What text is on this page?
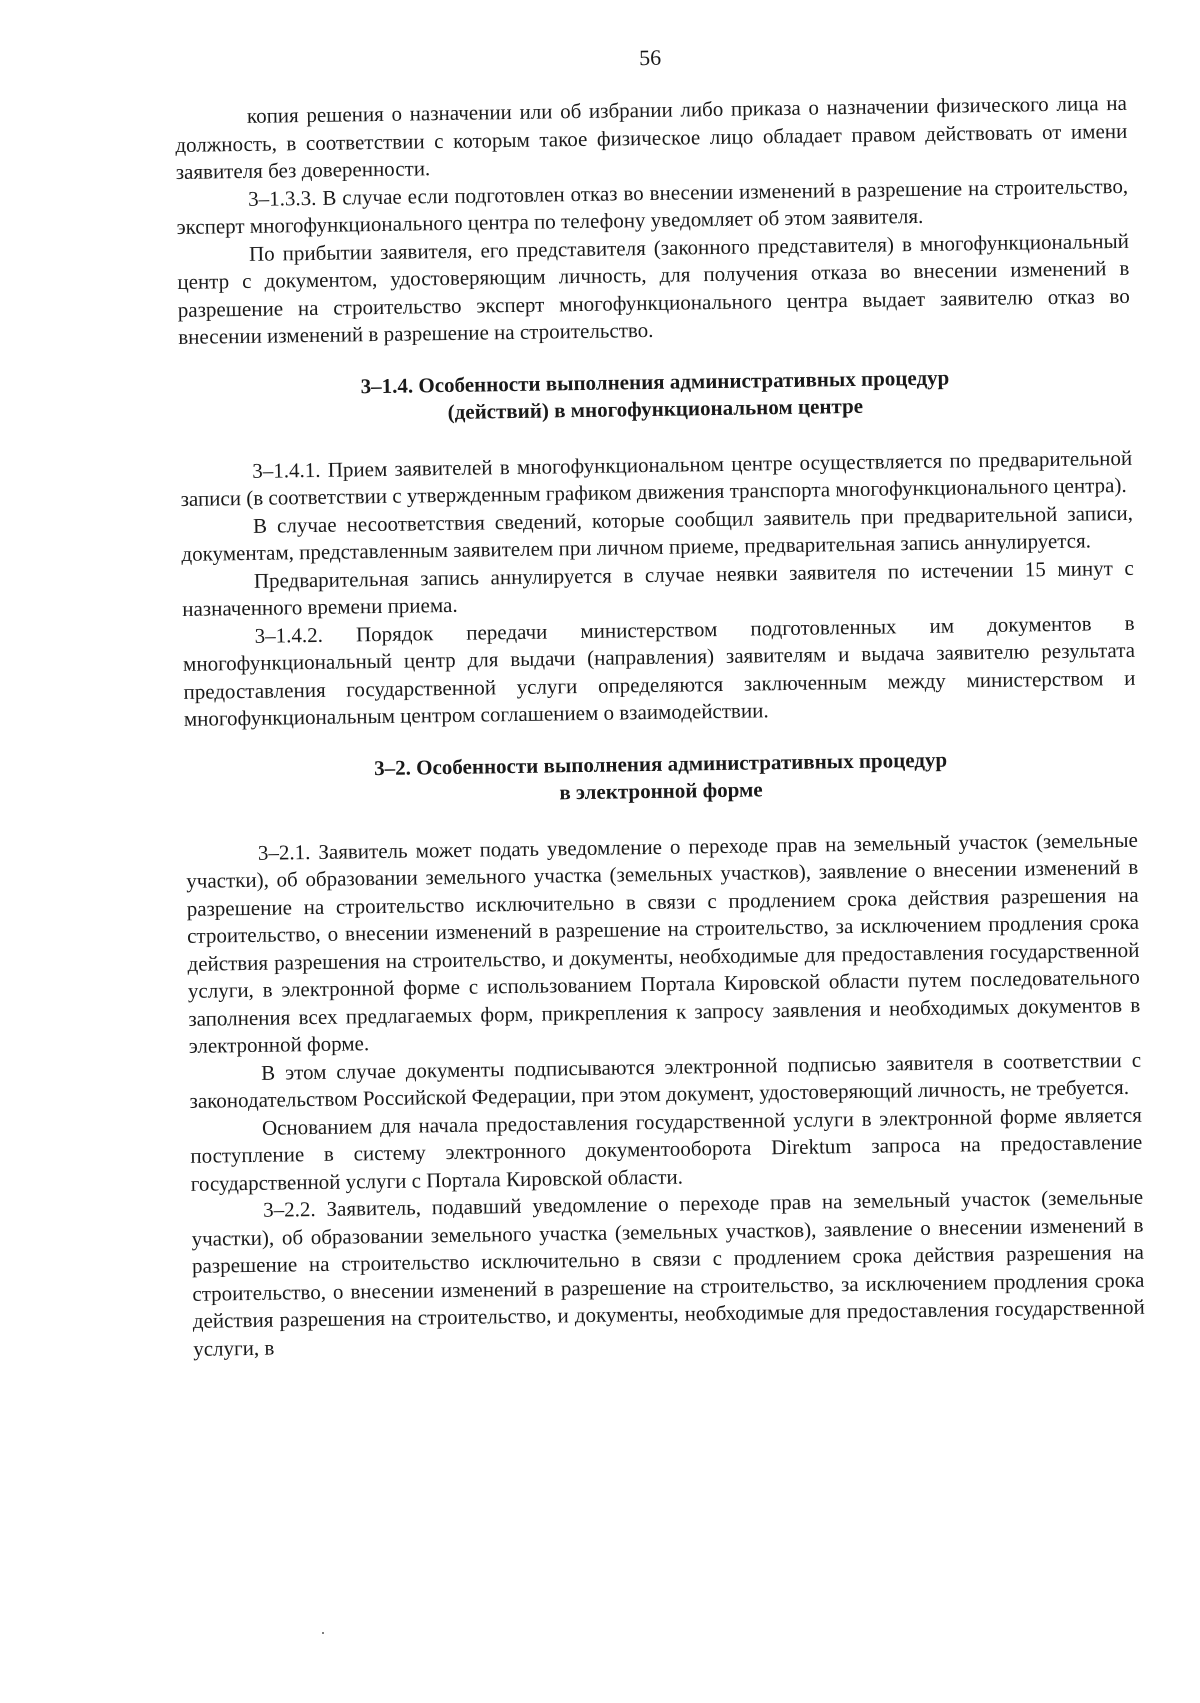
56

копия решения о назначении или об избрании либо приказа о назначении физического лица на должность, в соответствии с которым такое физическое лицо обладает правом действовать от имени заявителя без доверенности.

3–1.3.3. В случае если подготовлен отказ во внесении изменений в разрешение на строительство, эксперт многофункционального центра по телефону уведомляет об этом заявителя.

По прибытии заявителя, его представителя (законного представителя) в многофункциональный центр с документом, удостоверяющим личность, для получения отказа во внесении изменений в разрешение на строительство эксперт многофункционального центра выдает заявителю отказ во внесении изменений в разрешение на строительство.

3–1.4. Особенности выполнения административных процедур
(действий) в многофункциональном центре

3–1.4.1. Прием заявителей в многофункциональном центре осуществляется по предварительной записи (в соответствии с утвержденным графиком движения транспорта многофункционального центра).

В случае несоответствия сведений, которые сообщил заявитель при предварительной записи, документам, представленным заявителем при личном приеме, предварительная запись аннулируется.

Предварительная запись аннулируется в случае неявки заявителя по истечении 15 минут с назначенного времени приема.

3–1.4.2. Порядок передачи министерством подготовленных им документов в многофункциональный центр для выдачи (направления) заявителям и выдача заявителю результата предоставления государственной услуги определяются заключенным между министерством и многофункциональным центром соглашением о взаимодействии.

3–2. Особенности выполнения административных процедур
в электронной форме

3–2.1. Заявитель может подать уведомление о переходе прав на земельный участок (земельные участки), об образовании земельного участка (земельных участков), заявление о внесении изменений в разрешение на строительство исключительно в связи с продлением срока действия разрешения на строительство, о внесении изменений в разрешение на строительство, за исключением продления срока действия разрешения на строительство, и документы, необходимые для предоставления государственной услуги, в электронной форме с использованием Портала Кировской области путем последовательного заполнения всех предлагаемых форм, прикрепления к запросу заявления и необходимых документов в электронной форме.

В этом случае документы подписываются электронной подписью заявителя в соответствии с законодательством Российской Федерации, при этом документ, удостоверяющий личность, не требуется.

Основанием для начала предоставления государственной услуги в электронной форме является поступление в систему электронного документооборота Direktum запроса на предоставление государственной услуги с Портала Кировской области.

3–2.2. Заявитель, подавший уведомление о переходе прав на земельный участок (земельные участки), об образовании земельного участка (земельных участков), заявление о внесении изменений в разрешение на строительство исключительно в связи с продлением срока действия разрешения на строительство, о внесении изменений в разрешение на строительство, за исключением продления срока действия разрешения на строительство, и документы, необходимые для предоставления государственной услуги, в
